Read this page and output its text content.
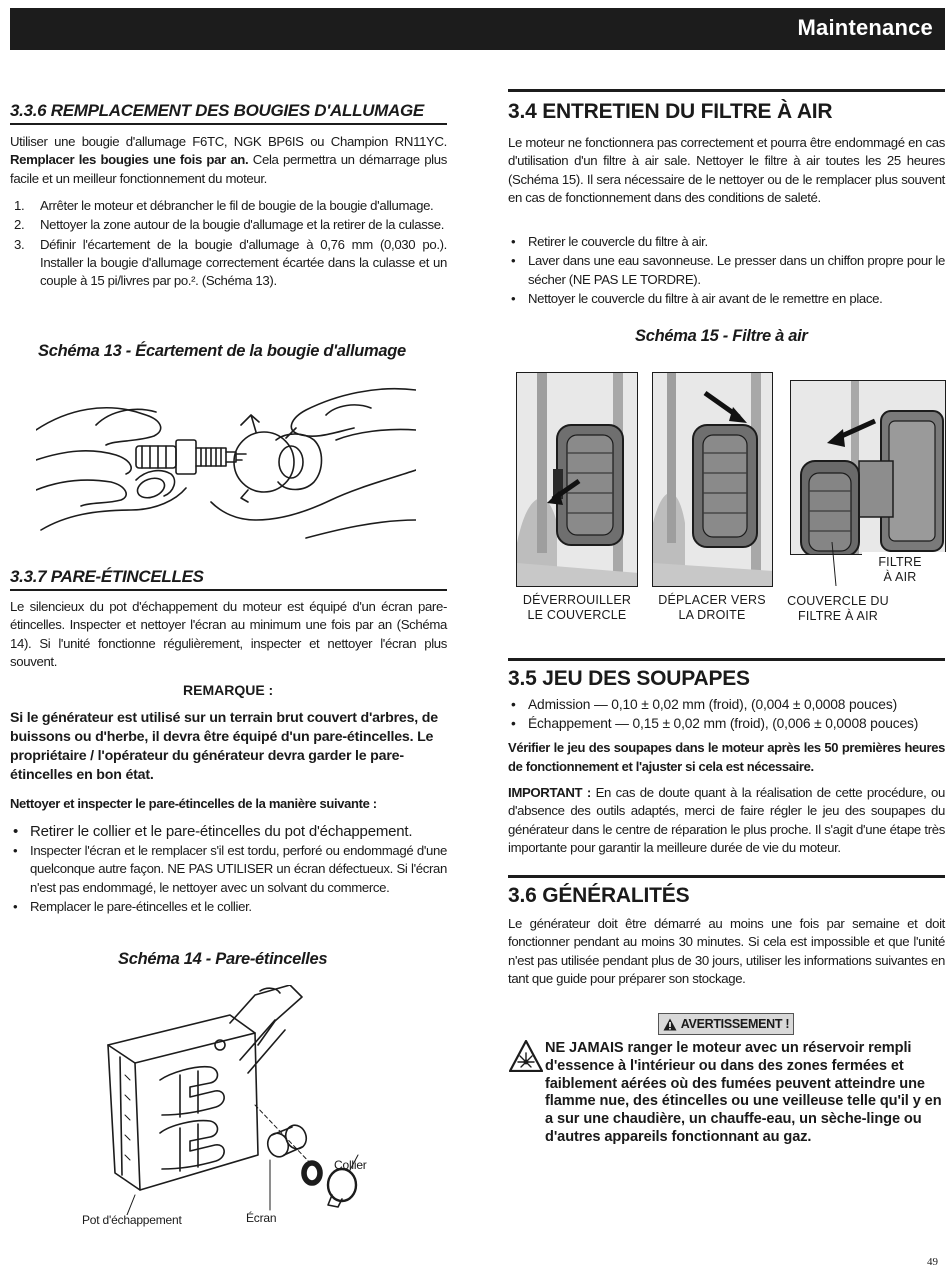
Maintenance
3.3.6 REMPLACEMENT DES BOUGIES D'ALLUMAGE
Utiliser une bougie d'allumage F6TC, NGK BP6IS ou Champion RN11YC. Remplacer les bougies une fois par an. Cela permettra un démarrage plus facile et un meilleur fonctionnement du moteur.
1. Arrêter le moteur et débrancher le fil de bougie de la bougie d'allumage.
2. Nettoyer la zone autour de la bougie d'allumage et la retirer de la culasse.
3. Définir l'écartement de la bougie d'allumage à 0,76 mm (0,030 po.). Installer la bougie d'allumage correctement écartée dans la culasse et un couple à 15 pi/livres par po.². (Schéma 13).
Schéma 13 - Écartement de la bougie d'allumage
3.3.7 PARE-ÉTINCELLES
Le silencieux du pot d'échappement du moteur est équipé d'un écran pare-étincelles. Inspecter et nettoyer l'écran au minimum une fois par an (Schéma 14). Si l'unité fonctionne régulièrement, inspecter et nettoyer l'écran plus souvent.
REMARQUE :
Si le générateur est utilisé sur un terrain brut couvert d'arbres, de buissons ou d'herbe, il devra être équipé d'un pare-étincelles. Le propriétaire / l'opérateur du générateur devra garder le pare-étincelles en bon état.
Nettoyer et inspecter le pare-étincelles de la manière suivante :
• Retirer le collier et le pare-étincelles du pot d'échappement.
• Inspecter l'écran et le remplacer s'il est tordu, perforé ou endommagé d'une quelconque autre façon. NE PAS UTILISER un écran défectueux. Si l'écran n'est pas endommagé, le nettoyer avec un solvant du commerce.
• Remplacer le pare-étincelles et le collier.
Schéma 14 - Pare-étincelles
Collier
Pot d'échappement	Écran
3.4 ENTRETIEN DU FILTRE À AIR
Le moteur ne fonctionnera pas correctement et pourra être endommagé en cas d'utilisation d'un filtre à air sale. Nettoyer le filtre à air toutes les 25 heures (Schéma 15). Il sera nécessaire de le nettoyer ou de le remplacer plus souvent en cas de fonctionnement dans des conditions de saleté.
• Retirer le couvercle du filtre à air.
• Laver dans une eau savonneuse. Le presser dans un chiffon propre pour le sécher (NE PAS LE TORDRE).
• Nettoyer le couvercle du filtre à air avant de le remettre en place.
Schéma 15 - Filtre à air
DÉVERROUILLER
LE COUVERCLE
DÉPLACER VERS
LA DROITE
COUVERCLE DU
FILTRE À AIR
FILTRE
À AIR
3.5 JEU DES SOUPAPES
• Admission — 0,10 ± 0,02 mm (froid), (0,004 ± 0,0008 pouces)
• Échappement — 0,15 ± 0,02 mm (froid), (0,006 ± 0,0008 pouces)
Vérifier le jeu des soupapes dans le moteur après les 50 premières heures de fonctionnement et l'ajuster si cela est nécessaire.
IMPORTANT : En cas de doute quant à la réalisation de cette procédure, ou d'absence des outils adaptés, merci de faire régler le jeu des soupapes du générateur dans le centre de réparation le plus proche. Il s'agit d'une étape très importante pour garantir la meilleure durée de vie du moteur.
3.6 GÉNÉRALITÉS
Le générateur doit être démarré au moins une fois par semaine et doit fonctionner pendant au moins 30 minutes. Si cela est impossible et que l'unité n'est pas utilisée pendant plus de 30 jours, utiliser les informations suivantes en tant que guide pour préparer son stockage.
AVERTISSEMENT !
NE JAMAIS ranger le moteur avec un réservoir rempli d'essence à l'intérieur ou dans des zones fermées et faiblement aérées où des fumées peuvent atteindre une flamme nue, des étincelles ou une veilleuse telle qu'il y en a sur une chaudière, un chauffe-eau, un sèche-linge ou d'autres appareils fonctionnant au gaz.
49
